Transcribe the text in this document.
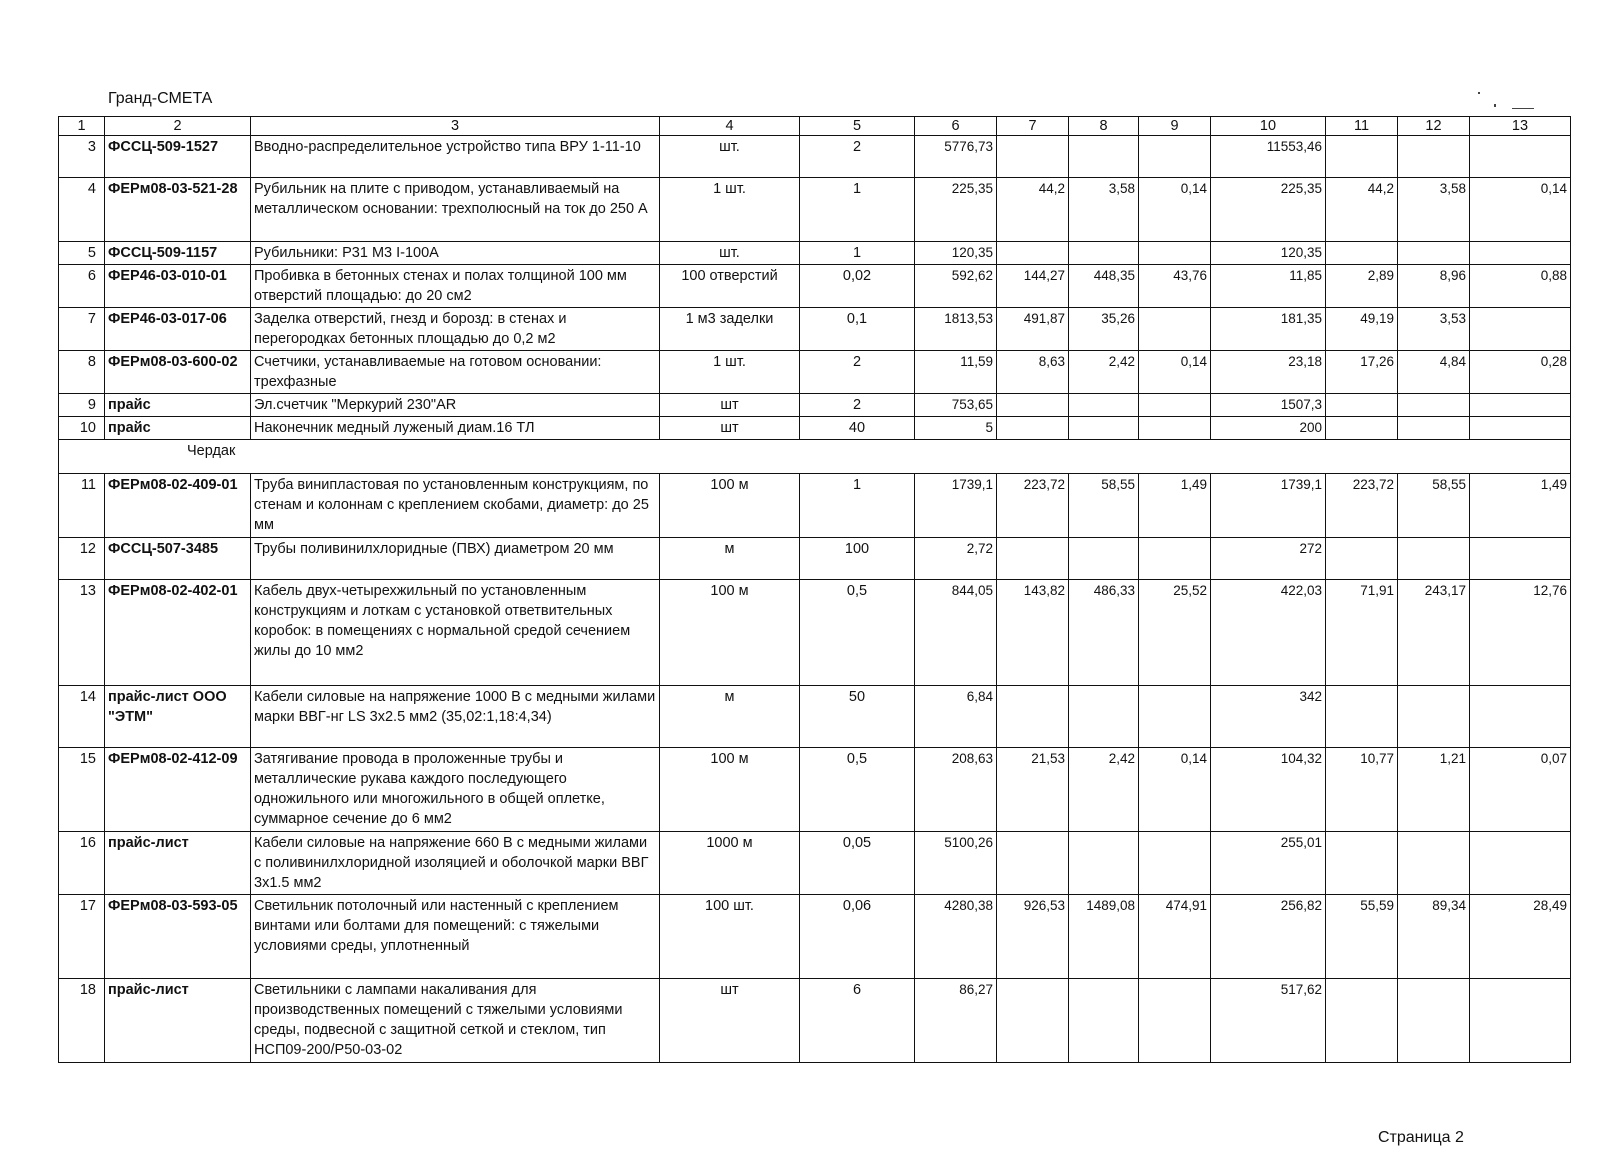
Гранд-СМЕТА
1	2	3	4	5	6	7	8	9	10	11	12	13
3	ФССЦ-509-1527	Вводно-распределительное устройство типа ВРУ 1-11-10	шт.	2	5776,73				11553,46			
4	ФЕРм08-03-521-28	Рубильник на плите с приводом, устанавливаемый на металлическом основании: трехполюсный на ток до 250 А	1 шт.	1	225,35	44,2	3,58	0,14	225,35	44,2	3,58	0,14
5	ФССЦ-509-1157	Рубильники: Р31 М3 I-100А	шт.	1	120,35				120,35			
6	ФЕР46-03-010-01	Пробивка в бетонных стенах и полах толщиной 100 мм отверстий площадью: до 20 см2	100 отверстий	0,02	592,62	144,27	448,35	43,76	11,85	2,89	8,96	0,88
7	ФЕР46-03-017-06	Заделка отверстий, гнезд и борозд: в стенах и перегородках бетонных площадью до 0,2 м2	1 м3 заделки	0,1	1813,53	491,87	35,26		181,35	49,19	3,53	
8	ФЕРм08-03-600-02	Счетчики, устанавливаемые на готовом основании: трехфазные	1 шт.	2	11,59	8,63	2,42	0,14	23,18	17,26	4,84	0,28
9	прайс	Эл.счетчик "Меркурий 230"AR	шт	2	753,65				1507,3			
10	прайс	Наконечник медный луженый диам.16 ТЛ	шт	40	5				200			
Чердак												
11	ФЕРм08-02-409-01	Труба винипластовая по установленным конструкциям, по стенам и колоннам с креплением скобами, диаметр: до 25 мм	100 м	1	1739,1	223,72	58,55	1,49	1739,1	223,72	58,55	1,49
12	ФССЦ-507-3485	Трубы поливинилхлоридные (ПВХ) диаметром 20 мм	м	100	2,72				272			
13	ФЕРм08-02-402-01	Кабель двух-четырехжильный по установленным конструкциям и лоткам с установкой ответвительных коробок: в помещениях с нормальной средой сечением жилы до 10 мм2	100 м	0,5	844,05	143,82	486,33	25,52	422,03	71,91	243,17	12,76
14	прайс-лист ООО "ЭТМ"	Кабели силовые на напряжение 1000 В с медными жилами марки ВВГ-нг LS 3х2.5 мм2 (35,02:1,18:4,34)	м	50	6,84				342			
15	ФЕРм08-02-412-09	Затягивание провода в проложенные трубы и металлические рукава каждого последующего одножильного или многожильного в общей оплетке, суммарное сечение до 6 мм2	100 м	0,5	208,63	21,53	2,42	0,14	104,32	10,77	1,21	0,07
16	прайс-лист	Кабели силовые на напряжение 660 В с медными жилами с поливинилхлоридной изоляцией и оболочкой марки ВВГ 3х1.5 мм2	1000 м	0,05	5100,26				255,01			
17	ФЕРм08-03-593-05	Светильник потолочный или настенный с креплением винтами или болтами для помещений: с тяжелыми условиями среды, уплотненный	100 шт.	0,06	4280,38	926,53	1489,08	474,91	256,82	55,59	89,34	28,49
18	прайс-лист	Светильники с лампами накаливания для производственных помещений с тяжелыми условиями среды, подвесной с защитной сеткой и стеклом, тип НСП09-200/Р50-03-02	шт	6	86,27				517,62			
Страница 2
